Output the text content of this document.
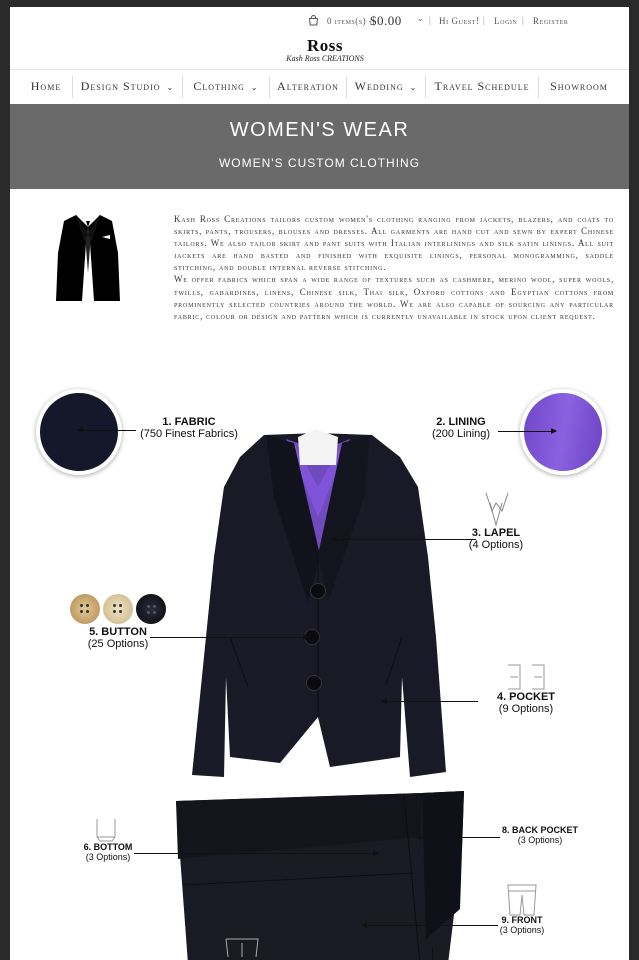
0 items(s) -
$0.00 ⌄ | Hi Guest! | Login | Register
Ross
Kash Ross CREATIONS
Home	Design Studio ⌄	Clothing ⌄	Alteration	Wedding ⌄	Travel Schedule	Showroom
WOMEN'S WEAR
WOMEN'S CUSTOM CLOTHING

Kash Ross Creations tailors custom women's clothing ranging from jackets, blazers, and coats to skirts, pants, trousers, blouses and dresses. All garments are hand cut and sewn by expert Chinese tailors. We also tailor skirt and pant suits with Italian interlinings and silk satin linings. All suit jackets are hand basted and finished with exquisite linings, personal monogramming, saddle stitching, and double internal reverse stitching.

We offer fabrics which span a wide range of textures such as cashmere, merino wool, super wools, twills, gabardines, linens, Chinese silk, Thai silk, Oxford cottons and Egyptian cottons from prominently selected countries around the world. We are also capable of sourcing any particular fabric, colour or design and pattern which is currently unavailable in stock upon client request.

1. FABRIC
(750 Finest Fabrics)
2. LINING
(200 Lining)
3. LAPEL
(4 Options)
5. BUTTON
(25 Options)
4. POCKET
(9 Options)
6. BOTTOM
(3 Options)
8. BACK POCKET
(3 Options)
9. FRONT
(3 Options)
